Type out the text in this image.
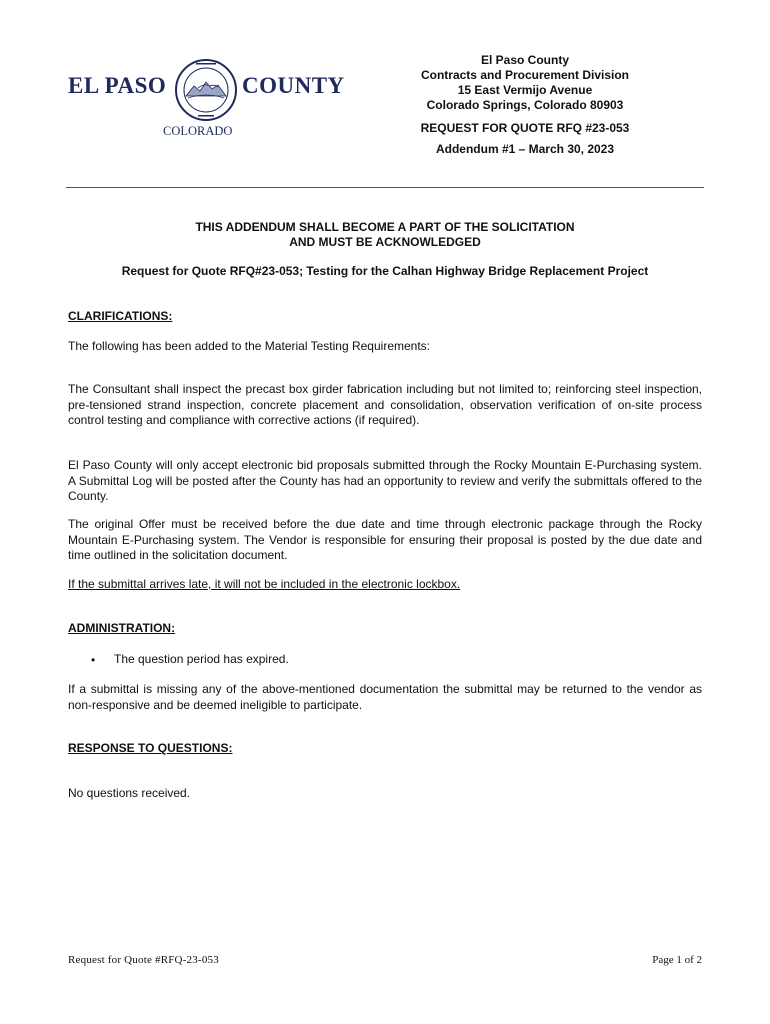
EL PASO	COUNTY
COLORADO
El Paso County
Contracts and Procurement Division
15 East Vermijo Avenue
Colorado Springs, Colorado 80903
REQUEST FOR QUOTE RFQ #23-053
Addendum #1 – March 30, 2023
THIS ADDENDUM SHALL BECOME A PART OF THE SOLICITATION
AND MUST BE ACKNOWLEDGED
Request for Quote RFQ#23-053; Testing for the Calhan Highway Bridge Replacement Project
CLARIFICATIONS:
The following has been added to the Material Testing Requirements:
The Consultant shall inspect the precast box girder fabrication including but not limited to; reinforcing steel inspection, pre-tensioned strand inspection, concrete placement and consolidation, observation verification of on-site process control testing and compliance with corrective actions (if required).
El Paso County will only accept electronic bid proposals submitted through the Rocky Mountain E-Purchasing system. A Submittal Log will be posted after the County has had an opportunity to review and verify the submittals offered to the County.
The original Offer must be received before the due date and time through electronic package through the Rocky Mountain E-Purchasing system. The Vendor is responsible for ensuring their proposal is posted by the due date and time outlined in the solicitation document.
If the submittal arrives late, it will not be included in the electronic lockbox.
ADMINISTRATION:
• The question period has expired.
If a submittal is missing any of the above-mentioned documentation the submittal may be returned to the vendor as non-responsive and be deemed ineligible to participate.
RESPONSE TO QUESTIONS:
No questions received.
Request for Quote #RFQ-23-053	Page 1 of 2
